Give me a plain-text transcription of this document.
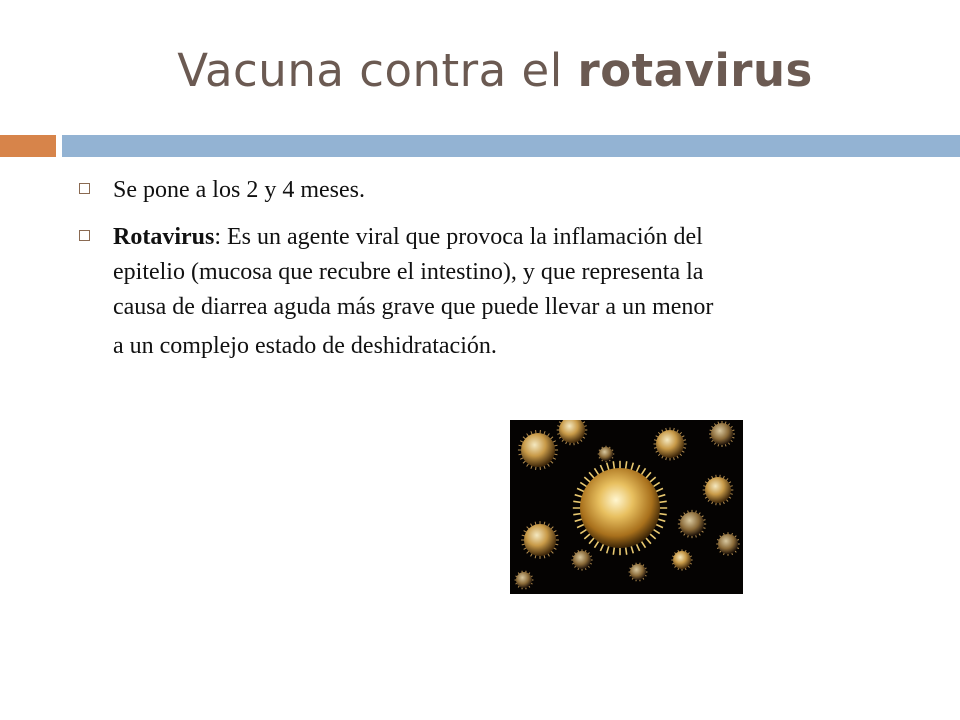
Vacuna contra el rotavirus
Se pone a los 2 y 4 meses.
Rotavirus: Es un agente viral que provoca la inflamación del
epitelio (mucosa que recubre el intestino), y que representa la
causa de diarrea aguda más grave que puede llevar a un menor
a un complejo estado de deshidratación.
